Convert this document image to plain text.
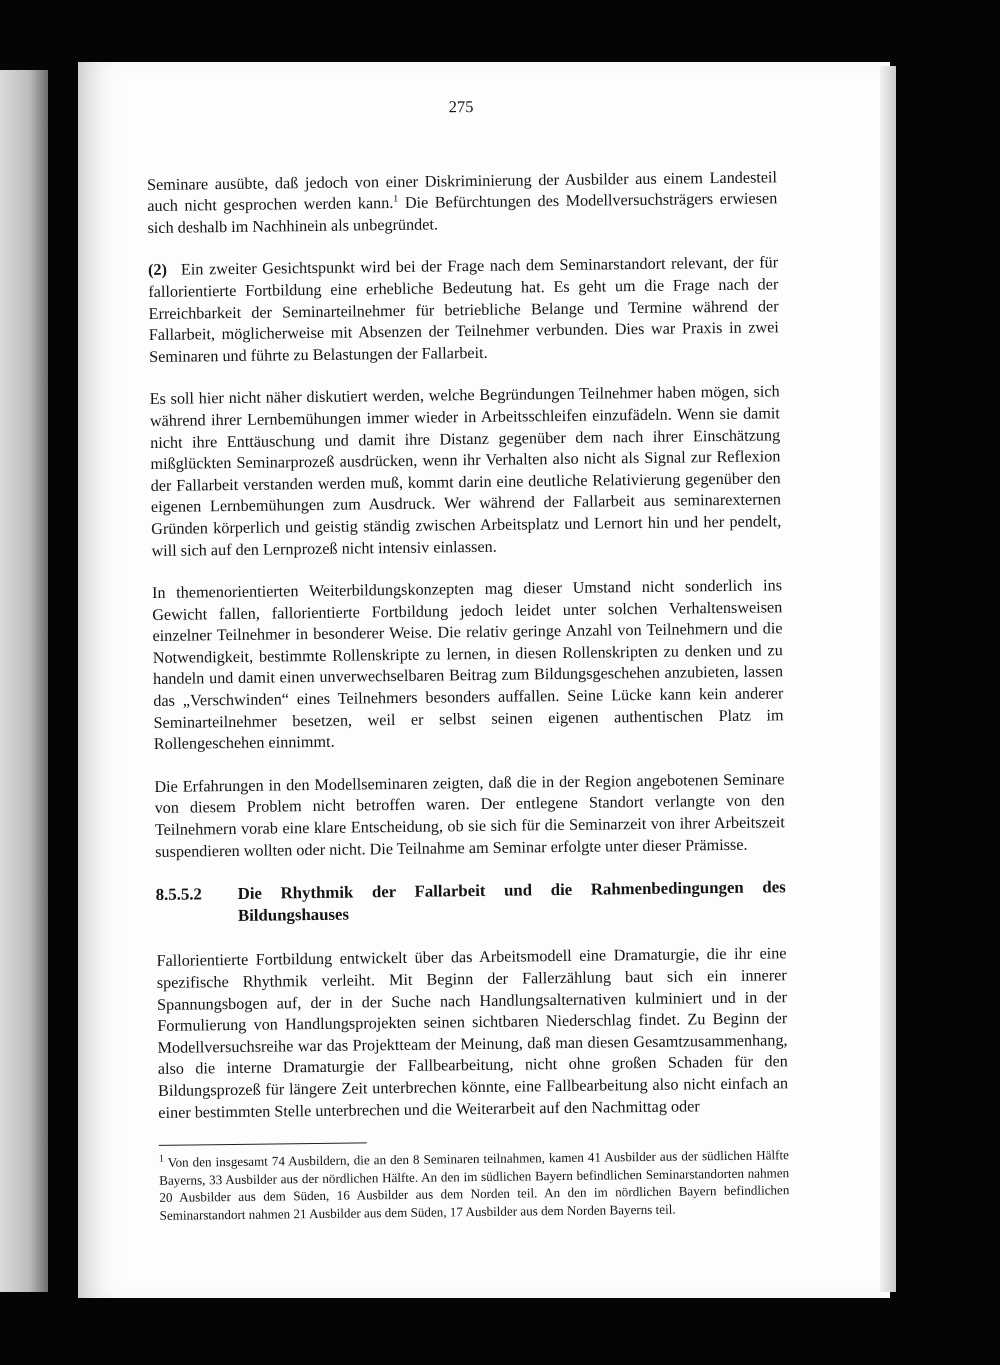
275

Seminare ausübte, daß jedoch von einer Diskriminierung der Ausbilder aus einem Landesteil auch nicht gesprochen werden kann.$^1$ Die Befürchtungen des Modellversuchsträgers erwiesen sich deshalb im Nachhinein als unbegründet.

(2) Ein zweiter Gesichtspunkt wird bei der Frage nach dem Seminarstandort relevant, der für fallorientierte Fortbildung eine erhebliche Bedeutung hat. Es geht um die Frage nach der Erreichbarkeit der Seminarteilnehmer für betriebliche Belange und Termine während der Fallarbeit, möglicherweise mit Absenzen der Teilnehmer verbunden. Dies war Praxis in zwei Seminaren und führte zu Belastungen der Fallarbeit.

Es soll hier nicht näher diskutiert werden, welche Begründungen Teilnehmer haben mögen, sich während ihrer Lernbemühungen immer wieder in Arbeitsschleifen einzufädeln. Wenn sie damit nicht ihre Enttäuschung und damit ihre Distanz gegenüber dem nach ihrer Einschätzung mißglückten Seminarprozeß ausdrücken, wenn ihr Verhalten also nicht als Signal zur Reflexion der Fallarbeit verstanden werden muß, kommt darin eine deutliche Relativierung gegenüber den eigenen Lernbemühungen zum Ausdruck. Wer während der Fallarbeit aus seminarexternen Gründen körperlich und geistig ständig zwischen Arbeitsplatz und Lernort hin und her pendelt, will sich auf den Lernprozeß nicht intensiv einlassen.

In themenorientierten Weiterbildungskonzepten mag dieser Umstand nicht sonderlich ins Gewicht fallen, fallorientierte Fortbildung jedoch leidet unter solchen Verhaltensweisen einzelner Teilnehmer in besonderer Weise. Die relativ geringe Anzahl von Teilnehmern und die Notwendigkeit, bestimmte Rollenskripte zu lernen, in diesen Rollenskripten zu denken und zu handeln und damit einen unverwechselbaren Beitrag zum Bildungsgeschehen anzubieten, lassen das „Verschwinden“ eines Teilnehmers besonders auffallen. Seine Lücke kann kein anderer Seminarteilnehmer besetzen, weil er selbst seinen eigenen authentischen Platz im Rollengeschehen einnimmt.

Die Erfahrungen in den Modellseminaren zeigten, daß die in der Region angebotenen Seminare von diesem Problem nicht betroffen waren. Der entlegene Standort verlangte von den Teilnehmern vorab eine klare Entscheidung, ob sie sich für die Seminarzeit von ihrer Arbeitszeit suspendieren wollten oder nicht. Die Teilnahme am Seminar erfolgte unter dieser Prämisse.

8.5.5.2	Die Rhythmik der Fallarbeit und die Rahmenbedingungen des Bildungshauses

Fallorientierte Fortbildung entwickelt über das Arbeitsmodell eine Dramaturgie, die ihr eine spezifische Rhythmik verleiht. Mit Beginn der Fallerzählung baut sich ein innerer Spannungsbogen auf, der in der Suche nach Handlungsalternativen kulminiert und in der Formulierung von Handlungsprojekten seinen sichtbaren Niederschlag findet. Zu Beginn der Modellversuchsreihe war das Projektteam der Meinung, daß man diesen Gesamtzusammenhang, also die interne Dramaturgie der Fallbearbeitung, nicht ohne großen Schaden für den Bildungsprozeß für längere Zeit unterbrechen könnte, eine Fallbearbeitung also nicht einfach an einer bestimmten Stelle unterbrechen und die Weiterarbeit auf den Nachmittag oder

$^1$ Von den insgesamt 74 Ausbildern, die an den 8 Seminaren teilnahmen, kamen 41 Ausbilder aus der südlichen Hälfte Bayerns, 33 Ausbilder aus der nördlichen Hälfte. An den im südlichen Bayern befindlichen Seminarstandorten nahmen 20 Ausbilder aus dem Süden, 16 Ausbilder aus dem Norden teil. An den im nördlichen Bayern befindlichen Seminarstandort nahmen 21 Ausbilder aus dem Süden, 17 Ausbilder aus dem Norden Bayerns teil.
